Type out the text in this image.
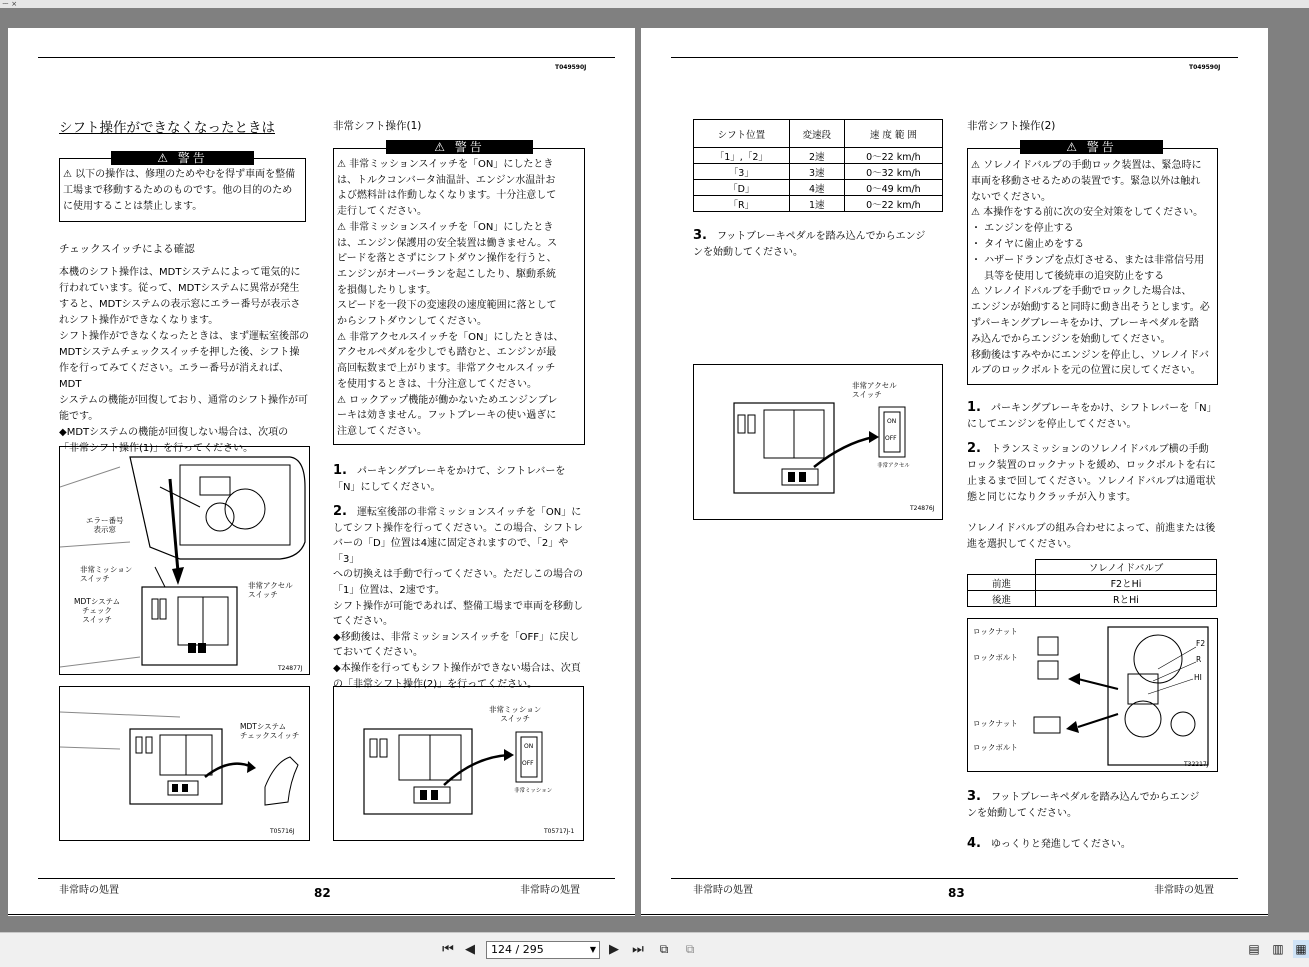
ー ×
T049590J
シフト操作ができなくなったときは
⚠ 警告
⚠ 以下の操作は、修理のためやむを得ず車両を整備
工場まで移動するためのものです。他の目的のため
に使用することは禁止します。
チェックスイッチによる確認
本機のシフト操作は、MDTシステムによって電気的に
行われています。従って、MDTシステムに異常が発生
すると、MDTシステムの表示窓にエラー番号が表示さ
れシフト操作ができなくなります。
シフト操作ができなくなったときは、まず運転室後部の
MDTシステムチェックスイッチを押した後、シフト操
作を行ってみてください。エラー番号が消えれば、MDT
システムの機能が回復しており、通常のシフト操作が可
能です。
◆MDTシステムの機能が回復しない場合は、次項の
「非常シフト操作(1)」を行ってください。
エラー番号
表示窓
非常ミッション
スイッチ
MDTシステム
チェック
スイッチ
非常アクセル
スイッチ
T24877J
MDTシステム
チェックスイッチ
T05716J
非常シフト操作(1)
⚠ 警告
⚠ 非常ミッションスイッチを「ON」にしたとき
は、トルクコンバータ油温計、エンジン水温計お
よび燃料計は作動しなくなります。十分注意して
走行してください。
⚠ 非常ミッションスイッチを「ON」にしたとき
は、エンジン保護用の安全装置は働きません。ス
ピードを落とさずにシフトダウン操作を行うと、
エンジンがオーバーランを起こしたり、駆動系統
を損傷したりします。
スピードを一段下の変速段の速度範囲に落として
からシフトダウンしてください。
⚠ 非常アクセルスイッチを「ON」にしたときは、
アクセルペダルを少しでも踏むと、エンジンが最
高回転数まで上がります。非常アクセルスイッチ
を使用するときは、十分注意してください。
⚠ ロックアップ機能が働かないためエンジンブレ
ーキは効きません。フットブレーキの使い過ぎに
注意してください。
1.　 パーキングブレーキをかけて、シフトレバーを
「N」にしてください。
2.　 運転室後部の非常ミッションスイッチを「ON」に
してシフト操作を行ってください。この場合、シフトレ
バーの「D」位置は4速に固定されますので、「2」や「3」
への切換えは手動で行ってください。ただしこの場合の
「1」位置は、2速です。
シフト操作が可能であれば、整備工場まで車両を移動し
てください。
◆移動後は、非常ミッションスイッチを「OFF」に戻し
ておいてください。
◆本操作を行ってもシフト操作ができない場合は、次頁
の「非常シフト操作(2)」を行ってください。
非常ミッション
スイッチ
ON
OFF
非常ミッション
T05717J-1
非常時の処置	82	非常時の処置
T049590J
シフト位置	変速段	速 度 範 囲
「1」,「2」	2速	0〜22 km/h
「3」	3速	0〜32 km/h
「D」	4速	0〜49 km/h
「R」	1速	0〜22 km/h
3.　 フットブレーキペダルを踏み込んでからエンジ
ンを始動してください。
非常アクセル
スイッチ
ON
OFF
非常アクセル
T24876J
非常シフト操作(2)
⚠ 警告
⚠ ソレノイドバルブの手動ロック装置は、緊急時に
車両を移動させるための装置です。緊急以外は触れ
ないでください。
⚠ 本操作をする前に次の安全対策をしてください。
・ エンジンを停止する
・ タイヤに歯止めをする
・ ハザードランプを点灯させる、または非常信号用
　 具等を使用して後続車の追突防止をする
⚠ ソレノイドバルブを手動でロックした場合は、
エンジンが始動すると同時に動き出そうとします。必
ずパーキングブレーキをかけ、ブレーキペダルを踏
み込んでからエンジンを始動してください。
移動後はすみやかにエンジンを停止し、ソレノイドバ
ルブのロックボルトを元の位置に戻してください。
1.　 パーキングブレーキをかけ、シフトレバーを「N」
にしてエンジンを停止してください。
2.　 トランスミッションのソレノイドバルブ横の手動
ロック装置のロックナットを緩め、ロックボルトを右に
止まるまで回してください。ソレノイドバルブは通電状
態と同じになりクラッチが入ります。
ソレノイドバルブの組み合わせによって、前進または後
進を選択してください。
	ソレノイドバルブ
前進	F2とHi
後進	RとHi
ロックナット
ロックボルト
ロックナット
ロックボルト
F2
R
HI
T32217J
3.　 フットブレーキペダルを踏み込んでからエンジ
ンを始動してください。
4.　 ゆっくりと発進してください。
非常時の処置	83	非常時の処置
⏮ ◀	124 / 295	▼ ▶ ⏭	⧉	⧉	▤ ▥ ▦
